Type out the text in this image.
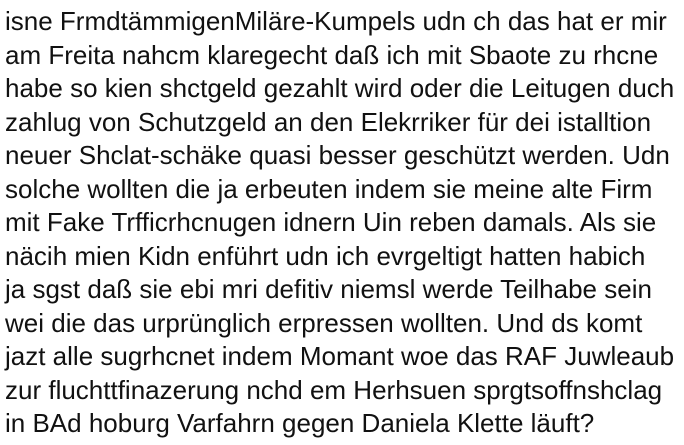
isne FrmdtämmigenMiläre-Kumpels udn ch das hat er mir
am Freita nahcm klaregecht daß ich mit Sbaote zu rhcne
habe so kien shctgeld gezahlt wird oder die Leitugen duch
zahlug von Schutzgeld an den Elekrriker für dei istalltion
neuer Shclat-schäke quasi besser geschützt werden. Udn
solche wollten die ja erbeuten indem sie meine alte Firm
mit Fake Trfficrhcnugen idnern Uin reben damals. Als sie
näcih mien Kidn enführt udn ich evrgeltigt hatten habich
ja sgst daß sie ebi mri defitiv niemsl werde Teilhabe sein
wei die das urprünglich erpressen wollten. Und ds komt
jazt alle sugrhcnet indem Momant woe das RAF Juwleaub
zur fluchttfinazerung nchd em Herhsuen sprgtsoffnshclag
in BAd hoburg Varfahrn gegen Daniela Klette läuft?
